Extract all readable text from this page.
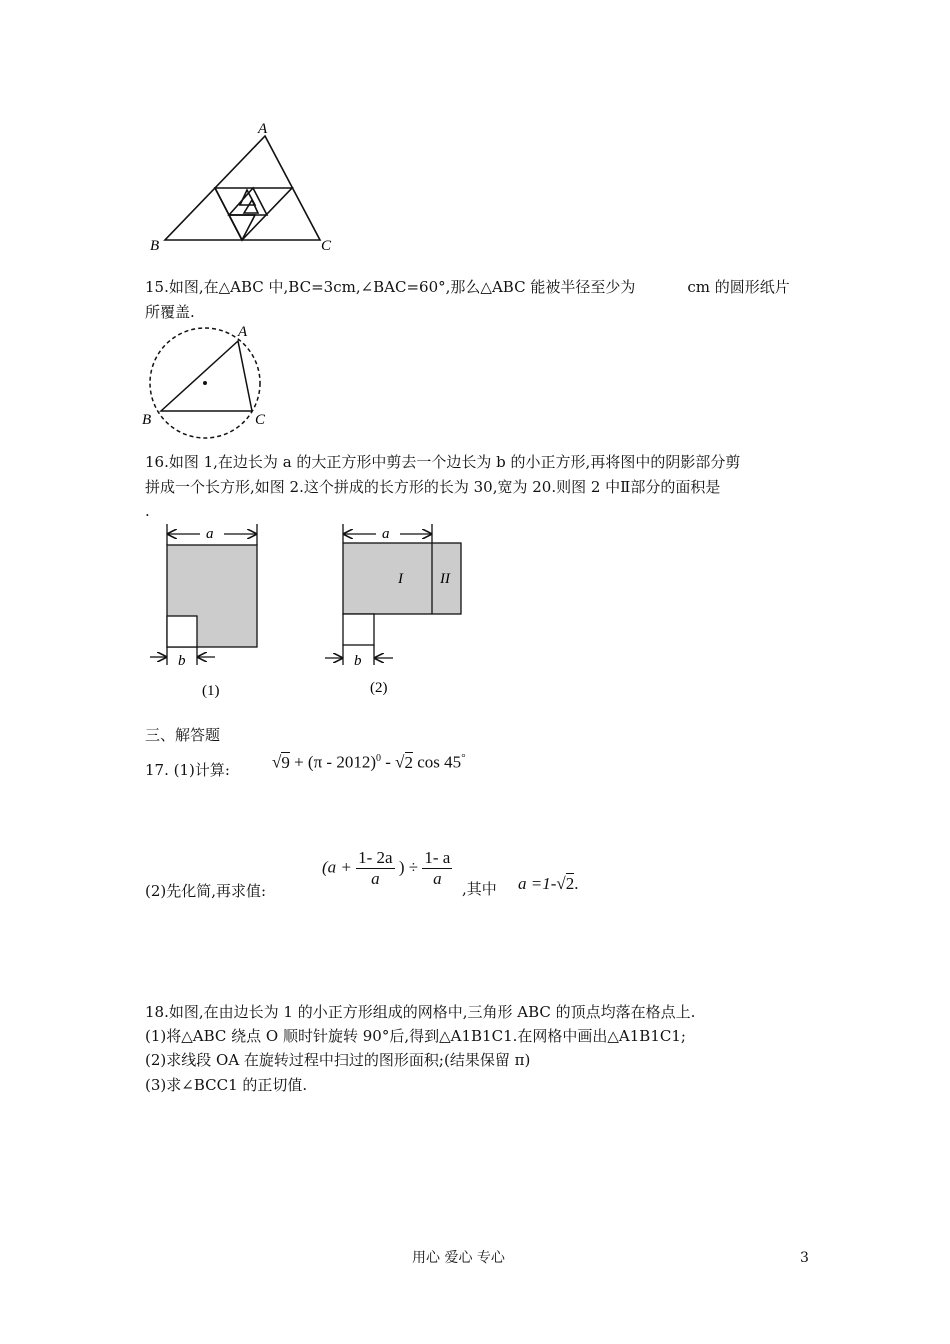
A
B	C
15.如图,在△ABC 中,BC=3cm,∠BAC=60°,那么△ABC 能被半径至少为	cm 的圆形纸片
所覆盖.
A
B	C
16.如图 1,在边长为 a 的大正方形中剪去一个边长为 b 的小正方形,再将图中的阴影部分剪
拼成一个长方形,如图 2.这个拼成的长方形的长为 30,宽为 20.则图 2 中Ⅱ部分的面积是
.
a
b
(1)
a
I II
b
(2)
三、解答题
17. (1)计算: √9 + (π - 2012)$^0$ - √2 cos 45°
(2)先化简,再求值:
($a + \frac{1- 2a}{a}$ ) ÷ $\frac{1- a}{a}$ ,其中 a =1-√2.
18.如图,在由边长为 1 的小正方形组成的网格中,三角形 ABC 的顶点均落在格点上.
(1)将△ABC 绕点 O 顺时针旋转 90°后,得到△A1B1C1.在网格中画出△A1B1C1;
(2)求线段 OA 在旋转过程中扫过的图形面积;(结果保留 π)
(3)求∠BCC1 的正切值.
用心 爱心 专心	3
